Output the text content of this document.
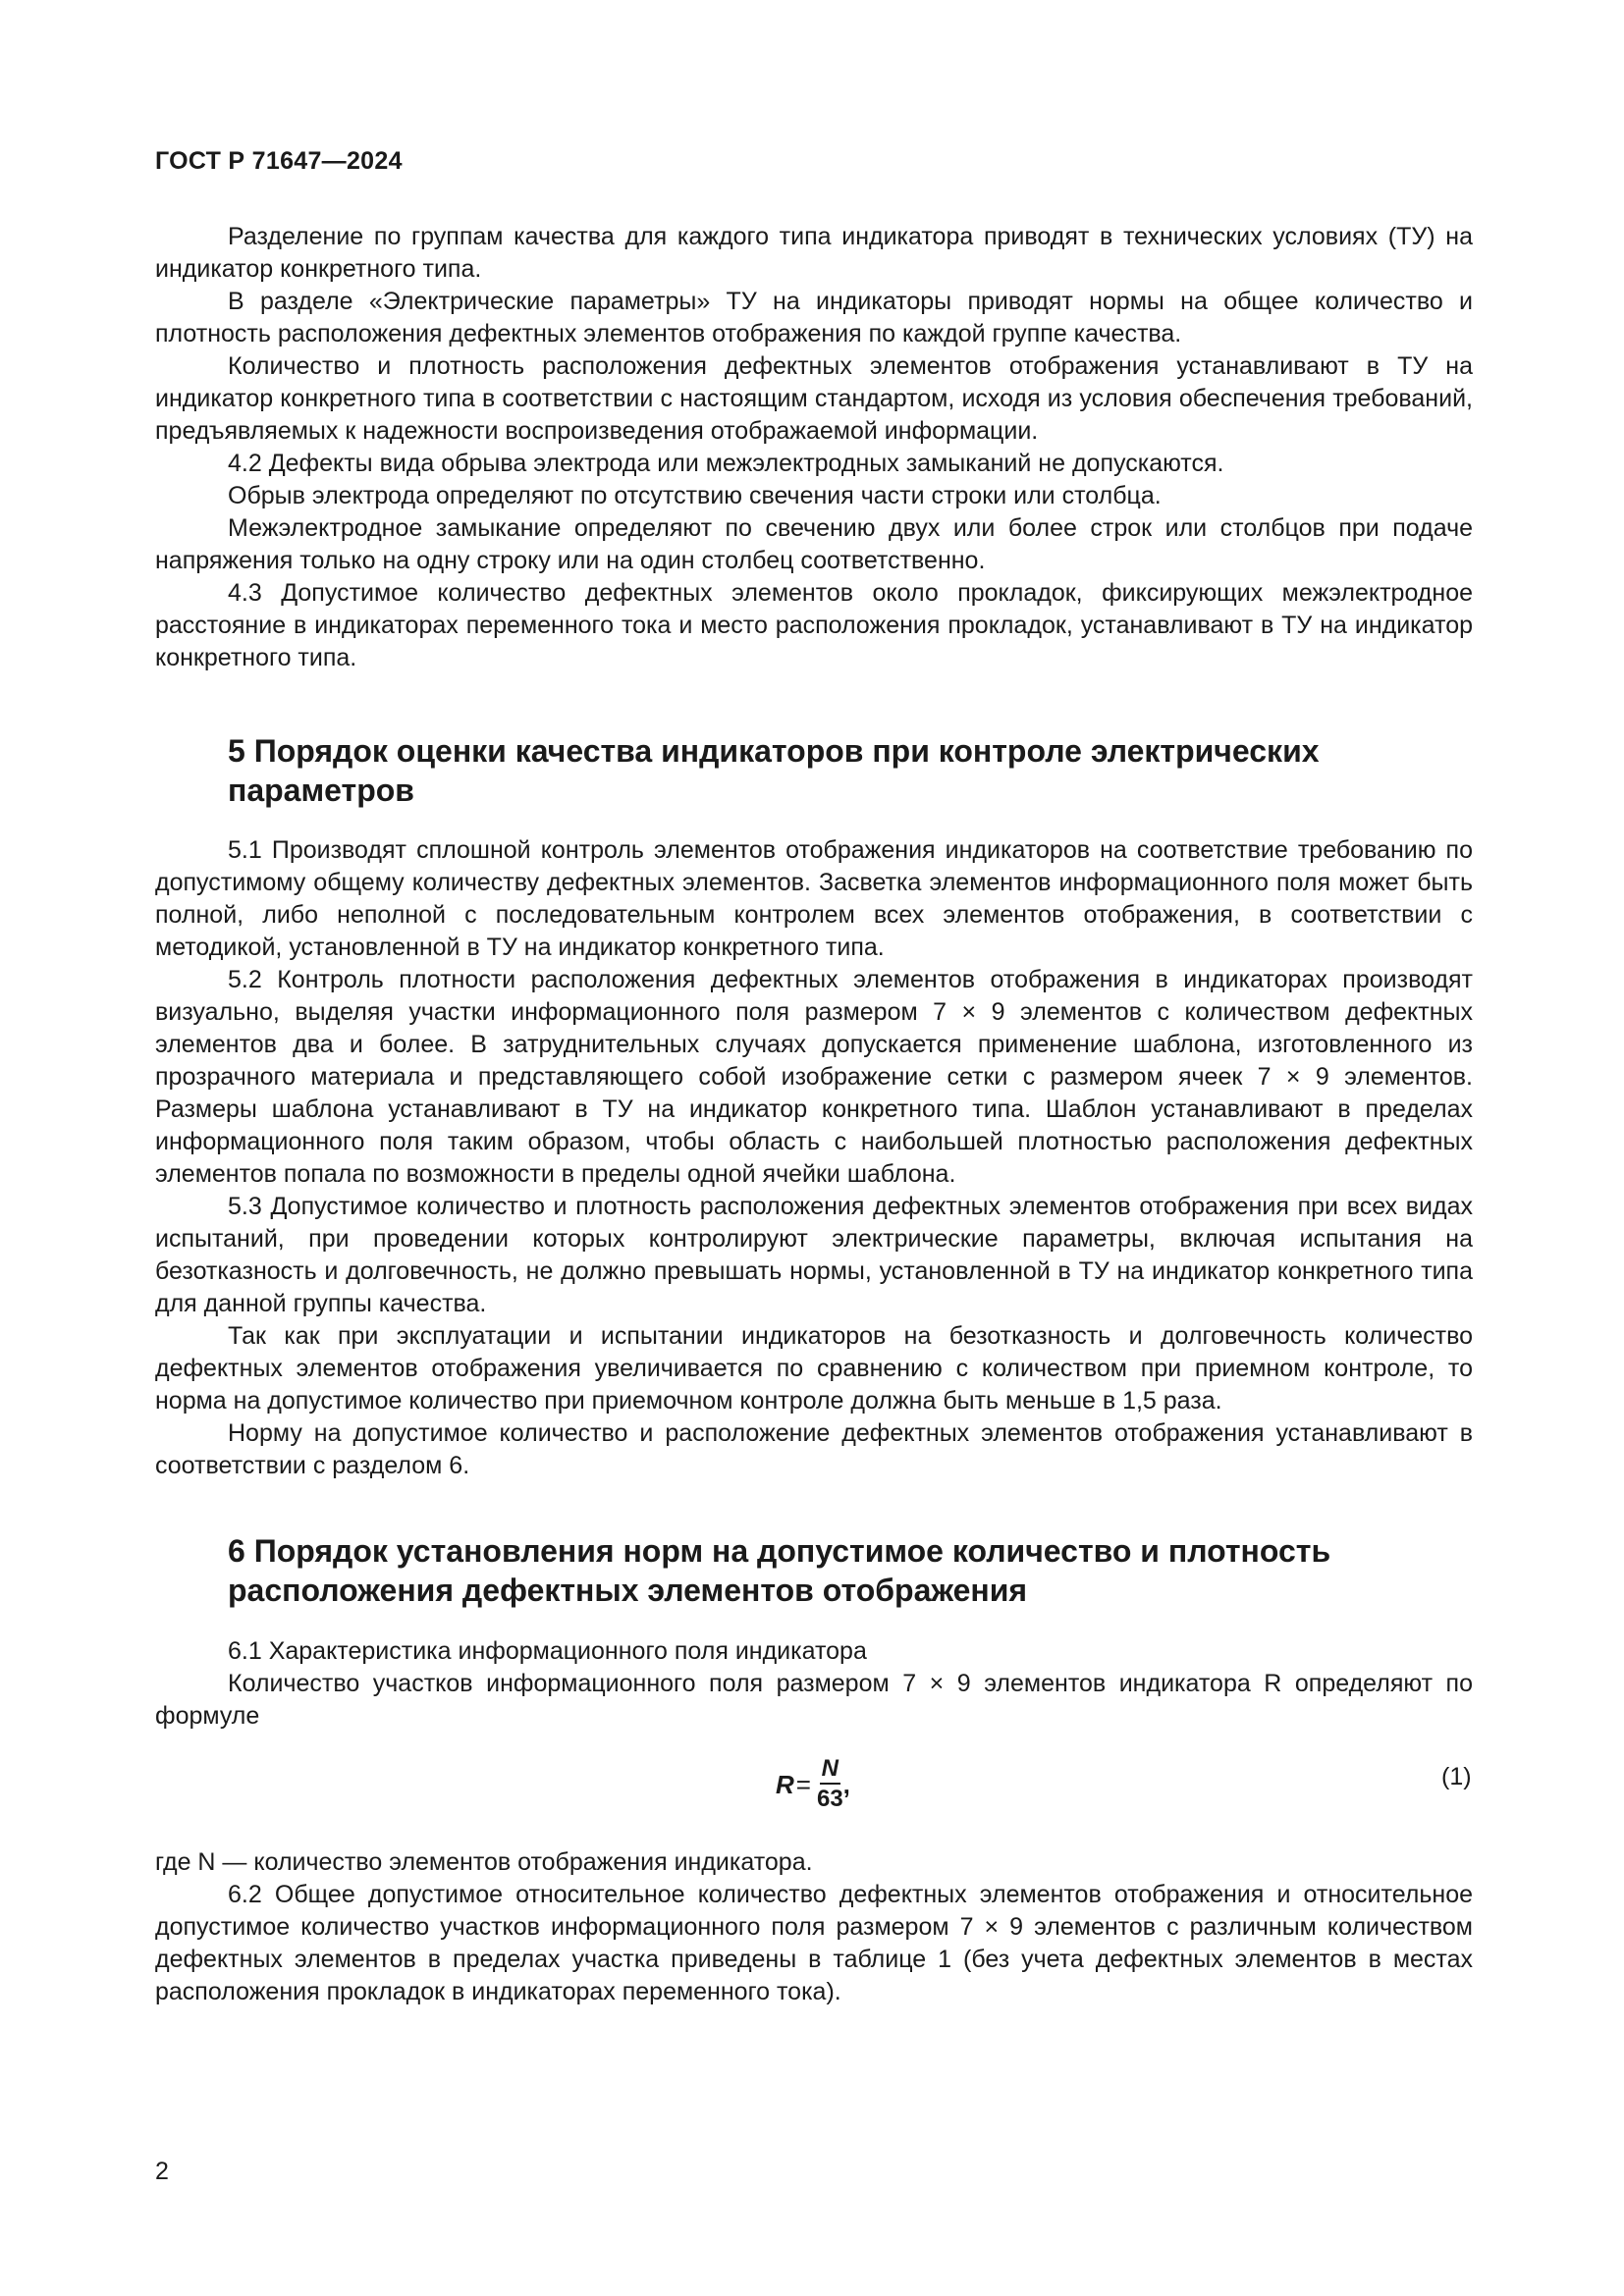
ГОСТ Р 71647—2024

Разделение по группам качества для каждого типа индикатора приводят в технических условиях (ТУ) на индикатор конкретного типа.

В разделе «Электрические параметры» ТУ на индикаторы приводят нормы на общее количество и плотность расположения дефектных элементов отображения по каждой группе качества.

Количество и плотность расположения дефектных элементов отображения устанавливают в ТУ на индикатор конкретного типа в соответствии с настоящим стандартом, исходя из условия обеспечения требований, предъявляемых к надежности воспроизведения отображаемой информации.

4.2 Дефекты вида обрыва электрода или межэлектродных замыканий не допускаются.

Обрыв электрода определяют по отсутствию свечения части строки или столбца.

Межэлектродное замыкание определяют по свечению двух или более строк или столбцов при подаче напряжения только на одну строку или на один столбец соответственно.

4.3 Допустимое количество дефектных элементов около прокладок, фиксирующих межэлектродное расстояние в индикаторах переменного тока и место расположения прокладок, устанавливают в ТУ на индикатор конкретного типа.

5 Порядок оценки качества индикаторов при контроле электрических параметров

5.1 Производят сплошной контроль элементов отображения индикаторов на соответствие требованию по допустимому общему количеству дефектных элементов. Засветка элементов информационного поля может быть полной, либо неполной с последовательным контролем всех элементов отображения, в соответствии с методикой, установленной в ТУ на индикатор конкретного типа.

5.2 Контроль плотности расположения дефектных элементов отображения в индикаторах производят визуально, выделяя участки информационного поля размером 7 × 9 элементов с количеством дефектных элементов два и более. В затруднительных случаях допускается применение шаблона, изготовленного из прозрачного материала и представляющего собой изображение сетки с размером ячеек 7 × 9 элементов. Размеры шаблона устанавливают в ТУ на индикатор конкретного типа. Шаблон устанавливают в пределах информационного поля таким образом, чтобы область с наибольшей плотностью расположения дефектных элементов попала по возможности в пределы одной ячейки шаблона.

5.3 Допустимое количество и плотность расположения дефектных элементов отображения при всех видах испытаний, при проведении которых контролируют электрические параметры, включая испытания на безотказность и долговечность, не должно превышать нормы, установленной в ТУ на индикатор конкретного типа для данной группы качества.

Так как при эксплуатации и испытании индикаторов на безотказность и долговечность количество дефектных элементов отображения увеличивается по сравнению с количеством при приемном контроле, то норма на допустимое количество при приемочном контроле должна быть меньше в 1,5 раза.

Норму на допустимое количество и расположение дефектных элементов отображения устанавливают в соответствии с разделом 6.

6 Порядок установления норм на допустимое количество и плотность расположения дефектных элементов отображения

6.1 Характеристика информационного поля индикатора

Количество участков информационного поля размером 7 × 9 элементов индикатора R определяют по формуле

$R = \frac{N}{63}$ ,	(1)

где N — количество элементов отображения индикатора.

6.2 Общее допустимое относительное количество дефектных элементов отображения и относительное допустимое количество участков информационного поля размером 7 × 9 элементов с различным количеством дефектных элементов в пределах участка приведены в таблице 1 (без учета дефектных элементов в местах расположения прокладок в индикаторах переменного тока).

2
